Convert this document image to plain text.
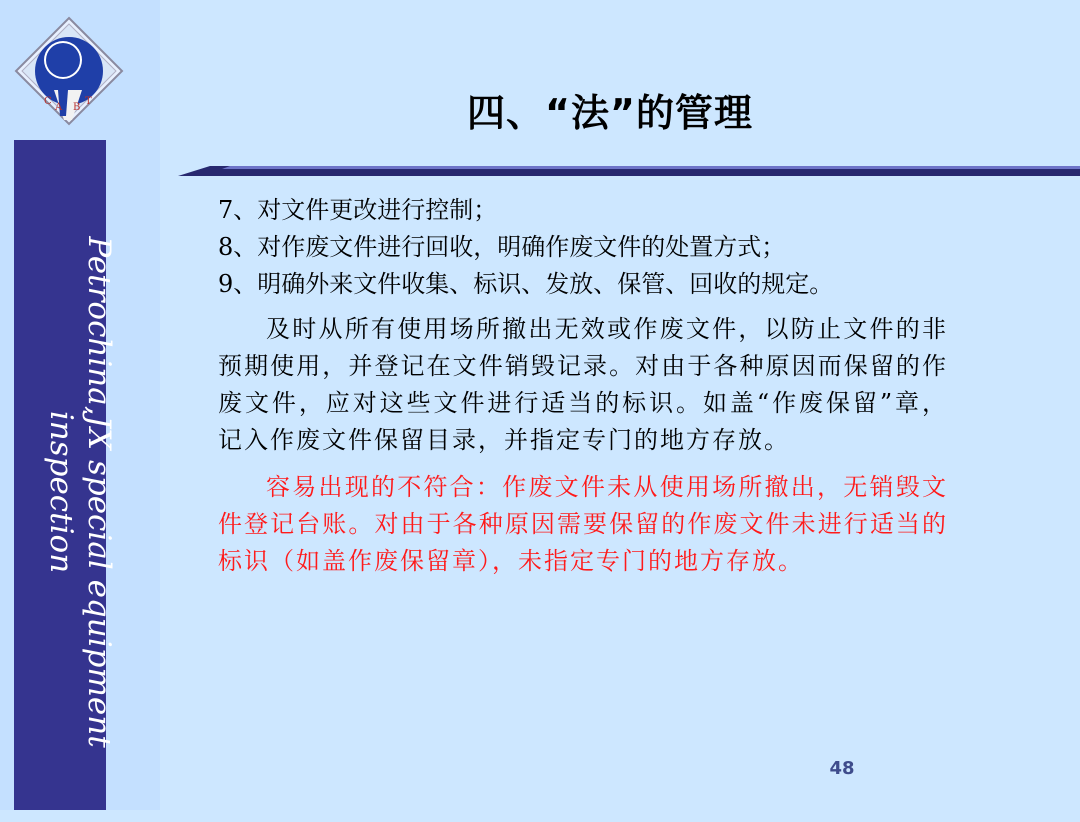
C
A B
T
Petrochina,JX special equipment inspection
四、“法”的管理

7、对文件更改进行控制；

8、对作废文件进行回收，明确作废文件的处置方式；

9、明确外来文件收集、标识、发放、保管、回收的规定。

及时从所有使用场所撤出无效或作废文件，以防止文件的非预期使用，并登记在文件销毁记录。对由于各种原因而保留的作废文件，应对这些文件进行适当的标识。如盖“作废保留”章，记入作废文件保留目录，并指定专门的地方存放。

容易出现的不符合：作废文件未从使用场所撤出，无销毁文件登记台账。对由于各种原因需要保留的作废文件未进行适当的标识（如盖作废保留章），未指定专门的地方存放。

48
